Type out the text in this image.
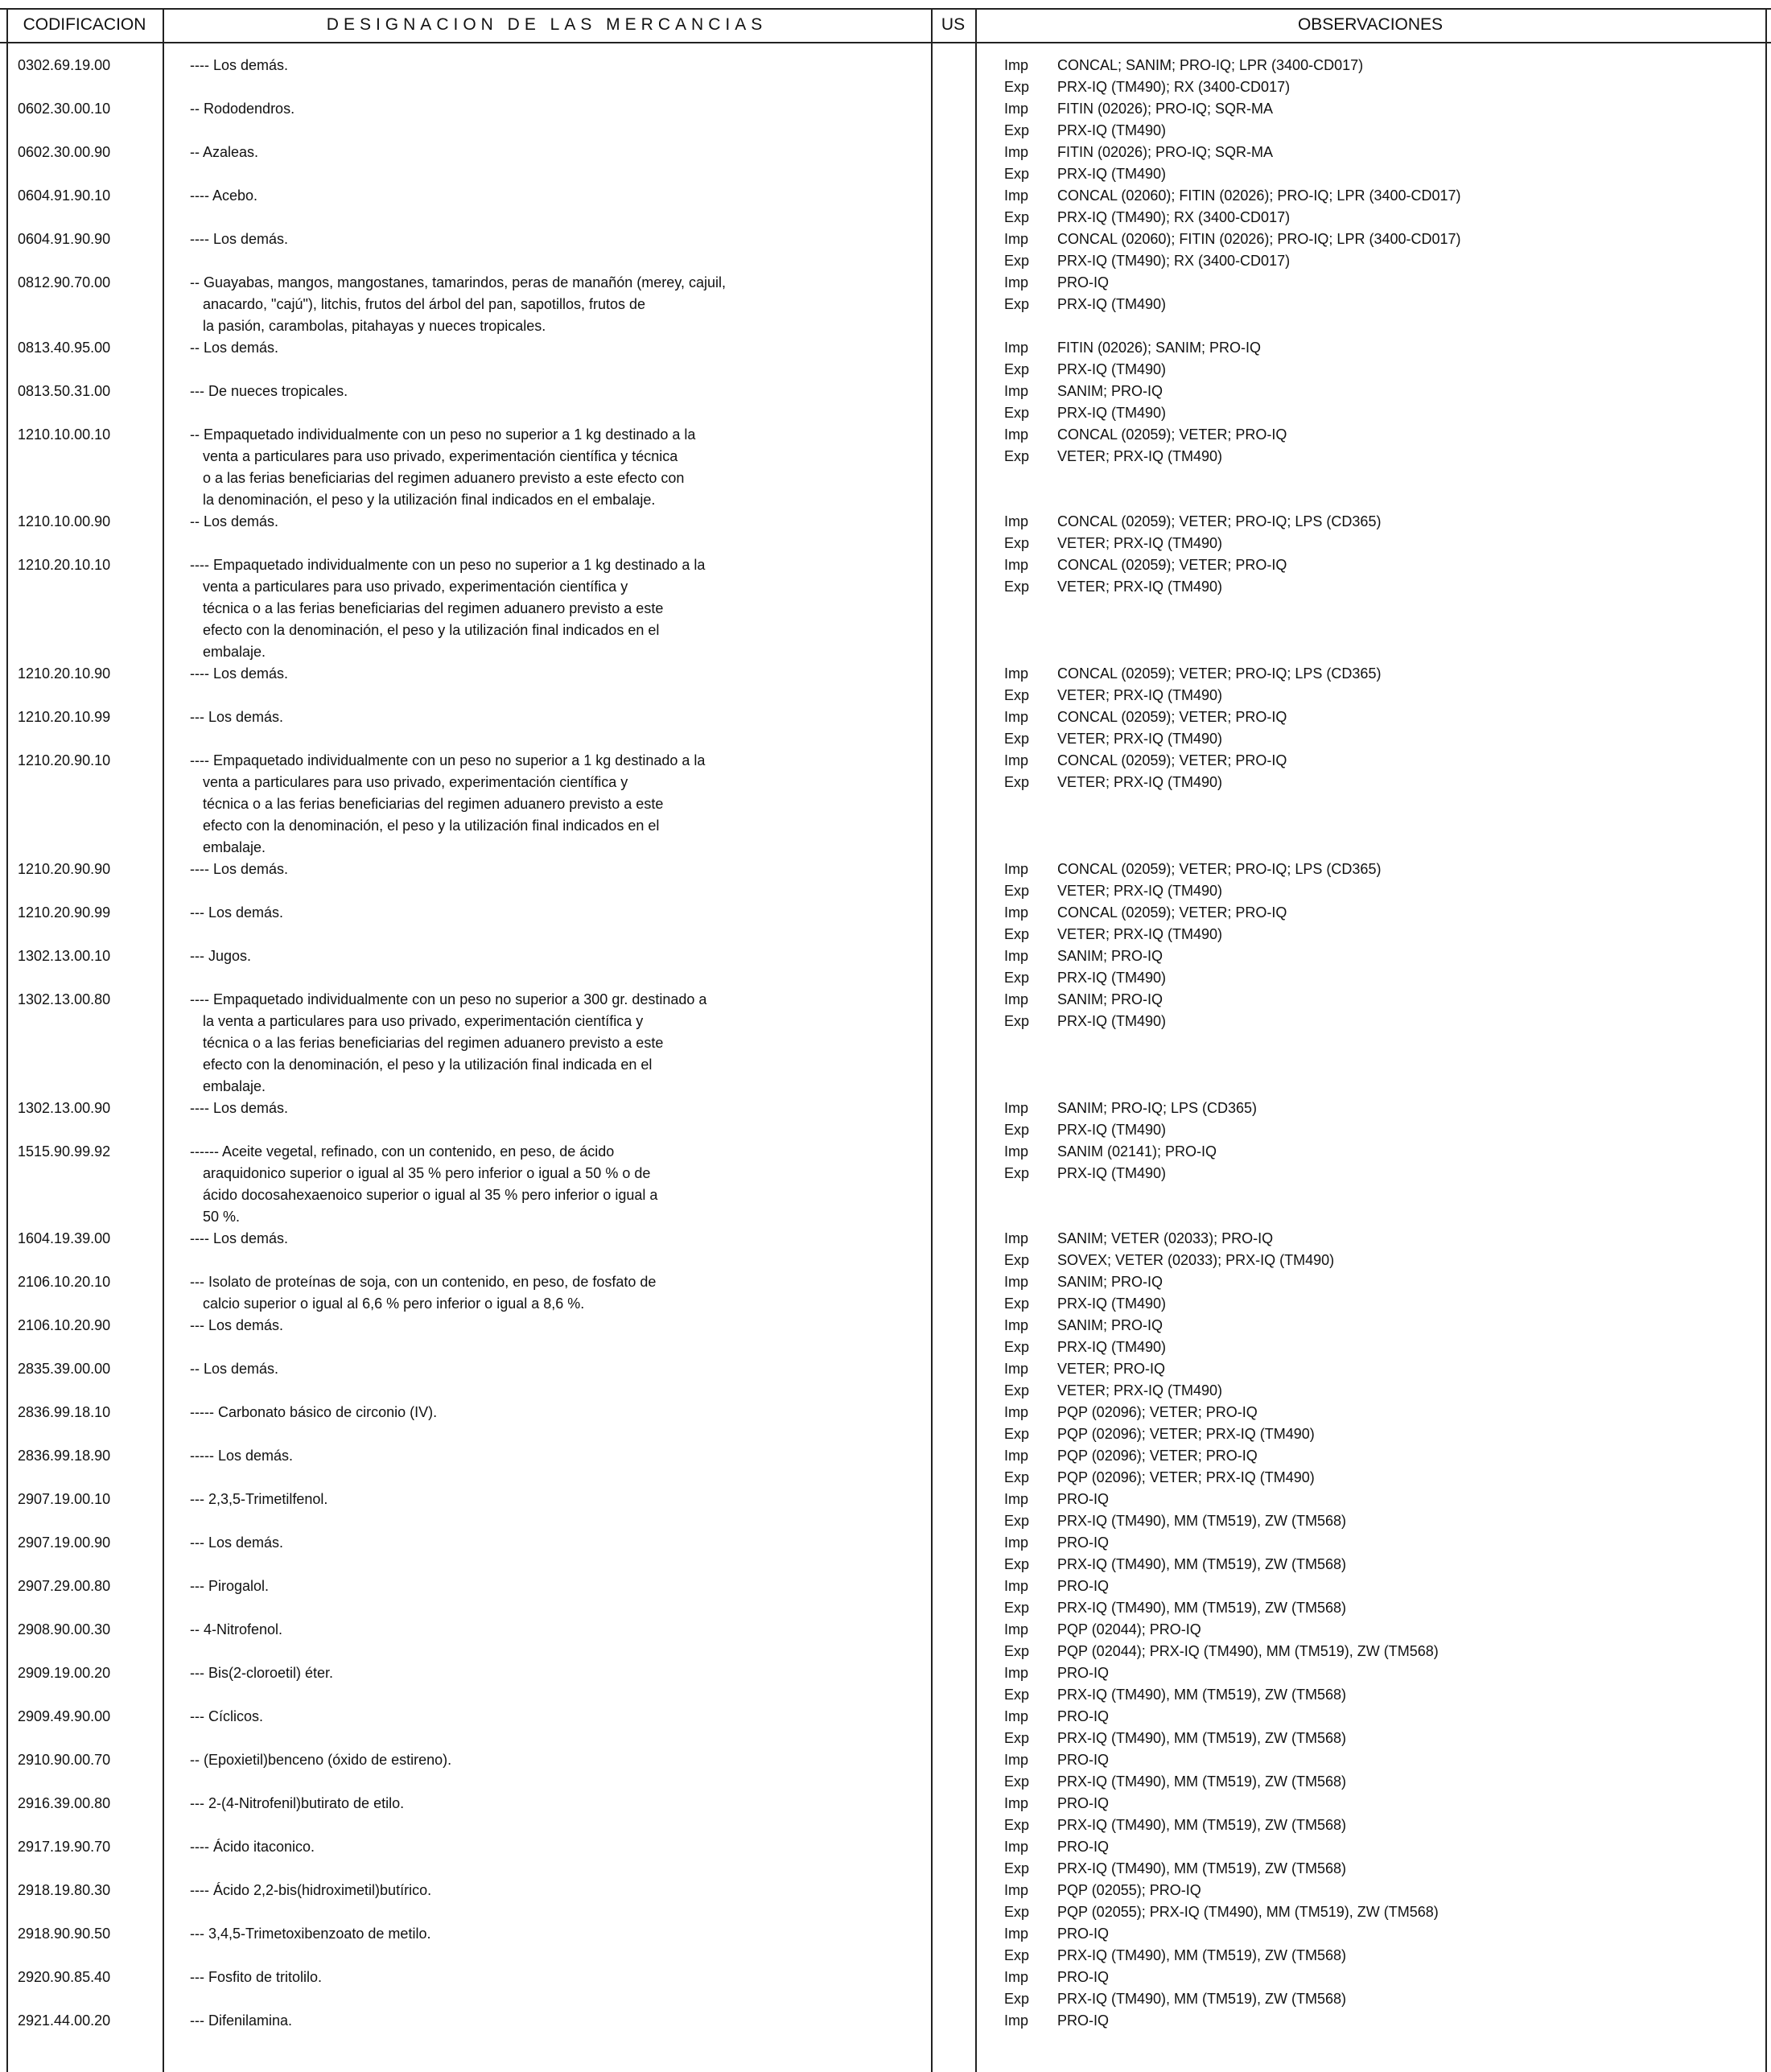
CODIFICACION	DESIGNACION DE LAS MERCANCIAS	US	OBSERVACIONES
0302.69.19.00	---- Los demás.	Imp CONCAL; SANIM; PRO-IQ; LPR (3400-CD017)
Exp PRX-IQ (TM490); RX (3400-CD017)
0602.30.00.10	-- Rododendros.	Imp FITIN (02026); PRO-IQ; SQR-MA
Exp PRX-IQ (TM490)
0602.30.00.90	-- Azaleas.	Imp FITIN (02026); PRO-IQ; SQR-MA
Exp PRX-IQ (TM490)
0604.91.90.10	---- Acebo.	Imp CONCAL (02060); FITIN (02026); PRO-IQ; LPR (3400-CD017)
Exp PRX-IQ (TM490); RX (3400-CD017)
0604.91.90.90	---- Los demás.	Imp CONCAL (02060); FITIN (02026); PRO-IQ; LPR (3400-CD017)
Exp PRX-IQ (TM490); RX (3400-CD017)
0812.90.70.00	-- Guayabas, mangos, mangostanes, tamarindos, peras de manañón (merey, cajuil,
anacardo, "cajú"), litchis, frutos del árbol del pan, sapotillos, frutos de
la pasión, carambolas, pitahayas y nueces tropicales.
Imp PRO-IQ
Exp PRX-IQ (TM490)
0813.40.95.00	-- Los demás.	Imp FITIN (02026); SANIM; PRO-IQ
Exp PRX-IQ (TM490)
0813.50.31.00	--- De nueces tropicales.	Imp SANIM; PRO-IQ
Exp PRX-IQ (TM490)
1210.10.00.10	-- Empaquetado individualmente con un peso no superior a 1 kg destinado a la
venta a particulares para uso privado, experimentación científica y técnica
o a las ferias beneficiarias del regimen aduanero previsto a este efecto con
la denominación, el peso y la utilización final indicados en el embalaje.
Imp CONCAL (02059); VETER; PRO-IQ
Exp VETER; PRX-IQ (TM490)
1210.10.00.90	-- Los demás.	Imp CONCAL (02059); VETER; PRO-IQ; LPS (CD365)
Exp VETER; PRX-IQ (TM490)
1210.20.10.10	---- Empaquetado individualmente con un peso no superior a 1 kg destinado a la
venta a particulares para uso privado, experimentación científica y
técnica o a las ferias beneficiarias del regimen aduanero previsto a este
efecto con la denominación, el peso y la utilización final indicados en el
embalaje.
Imp CONCAL (02059); VETER; PRO-IQ
Exp VETER; PRX-IQ (TM490)
1210.20.10.90	---- Los demás.	Imp CONCAL (02059); VETER; PRO-IQ; LPS (CD365)
Exp VETER; PRX-IQ (TM490)
1210.20.10.99	--- Los demás.	Imp CONCAL (02059); VETER; PRO-IQ
Exp VETER; PRX-IQ (TM490)
1210.20.90.10	---- Empaquetado individualmente con un peso no superior a 1 kg destinado a la
venta a particulares para uso privado, experimentación científica y
técnica o a las ferias beneficiarias del regimen aduanero previsto a este
efecto con la denominación, el peso y la utilización final indicados en el
embalaje.
Imp CONCAL (02059); VETER; PRO-IQ
Exp VETER; PRX-IQ (TM490)
1210.20.90.90	---- Los demás.	Imp CONCAL (02059); VETER; PRO-IQ; LPS (CD365)
Exp VETER; PRX-IQ (TM490)
1210.20.90.99	--- Los demás.	Imp CONCAL (02059); VETER; PRO-IQ
Exp VETER; PRX-IQ (TM490)
1302.13.00.10	--- Jugos.	Imp SANIM; PRO-IQ
Exp PRX-IQ (TM490)
1302.13.00.80	---- Empaquetado individualmente con un peso no superior a 300 gr. destinado a
la venta a particulares para uso privado, experimentación científica y
técnica o a las ferias beneficiarias del regimen aduanero previsto a este
efecto con la denominación, el peso y la utilización final indicada en el
embalaje.
Imp SANIM; PRO-IQ
Exp PRX-IQ (TM490)
1302.13.00.90	---- Los demás.	Imp SANIM; PRO-IQ; LPS (CD365)
Exp PRX-IQ (TM490)
1515.90.99.92	------ Aceite vegetal, refinado, con un contenido, en peso, de ácido
araquidonico superior o igual al 35 % pero inferior o igual a 50 % o de
ácido docosahexaenoico superior o igual al 35 % pero inferior o igual a
50 %.
Imp SANIM (02141); PRO-IQ
Exp PRX-IQ (TM490)
1604.19.39.00	---- Los demás.	Imp SANIM; VETER (02033); PRO-IQ
Exp SOVEX; VETER (02033); PRX-IQ (TM490)
2106.10.20.10	--- Isolato de proteínas de soja, con un contenido, en peso, de fosfato de
calcio superior o igual al 6,6 % pero inferior o igual a 8,6 %.
Imp SANIM; PRO-IQ
Exp PRX-IQ (TM490)
2106.10.20.90	--- Los demás.	Imp SANIM; PRO-IQ
Exp PRX-IQ (TM490)
2835.39.00.00	-- Los demás.	Imp VETER; PRO-IQ
Exp VETER; PRX-IQ (TM490)
2836.99.18.10	----- Carbonato básico de circonio (IV).	Imp PQP (02096); VETER; PRO-IQ
Exp PQP (02096); VETER; PRX-IQ (TM490)
2836.99.18.90	----- Los demás.	Imp PQP (02096); VETER; PRO-IQ
Exp PQP (02096); VETER; PRX-IQ (TM490)
2907.19.00.10	--- 2,3,5-Trimetilfenol.	Imp PRO-IQ
Exp PRX-IQ (TM490), MM (TM519), ZW (TM568)
2907.19.00.90	--- Los demás.	Imp PRO-IQ
Exp PRX-IQ (TM490), MM (TM519), ZW (TM568)
2907.29.00.80	--- Pirogalol.	Imp PRO-IQ
Exp PRX-IQ (TM490), MM (TM519), ZW (TM568)
2908.90.00.30	-- 4-Nitrofenol.	Imp PQP (02044); PRO-IQ
Exp PQP (02044); PRX-IQ (TM490), MM (TM519), ZW (TM568)
2909.19.00.20	--- Bis(2-cloroetil) éter.	Imp PRO-IQ
Exp PRX-IQ (TM490), MM (TM519), ZW (TM568)
2909.49.90.00	--- Cíclicos.	Imp PRO-IQ
Exp PRX-IQ (TM490), MM (TM519), ZW (TM568)
2910.90.00.70	-- (Epoxietil)benceno (óxido de estireno).	Imp PRO-IQ
Exp PRX-IQ (TM490), MM (TM519), ZW (TM568)
2916.39.00.80	--- 2-(4-Nitrofenil)butirato de etilo.	Imp PRO-IQ
Exp PRX-IQ (TM490), MM (TM519), ZW (TM568)
2917.19.90.70	---- Ácido itaconico.	Imp PRO-IQ
Exp PRX-IQ (TM490), MM (TM519), ZW (TM568)
2918.19.80.30	---- Ácido 2,2-bis(hidroximetil)butírico.	Imp PQP (02055); PRO-IQ
Exp PQP (02055); PRX-IQ (TM490), MM (TM519), ZW (TM568)
2918.90.90.50	--- 3,4,5-Trimetoxibenzoato de metilo.	Imp PRO-IQ
Exp PRX-IQ (TM490), MM (TM519), ZW (TM568)
2920.90.85.40	--- Fosfito de tritolilo.	Imp PRO-IQ
Exp PRX-IQ (TM490), MM (TM519), ZW (TM568)
2921.44.00.20	--- Difenilamina.	Imp PRO-IQ
